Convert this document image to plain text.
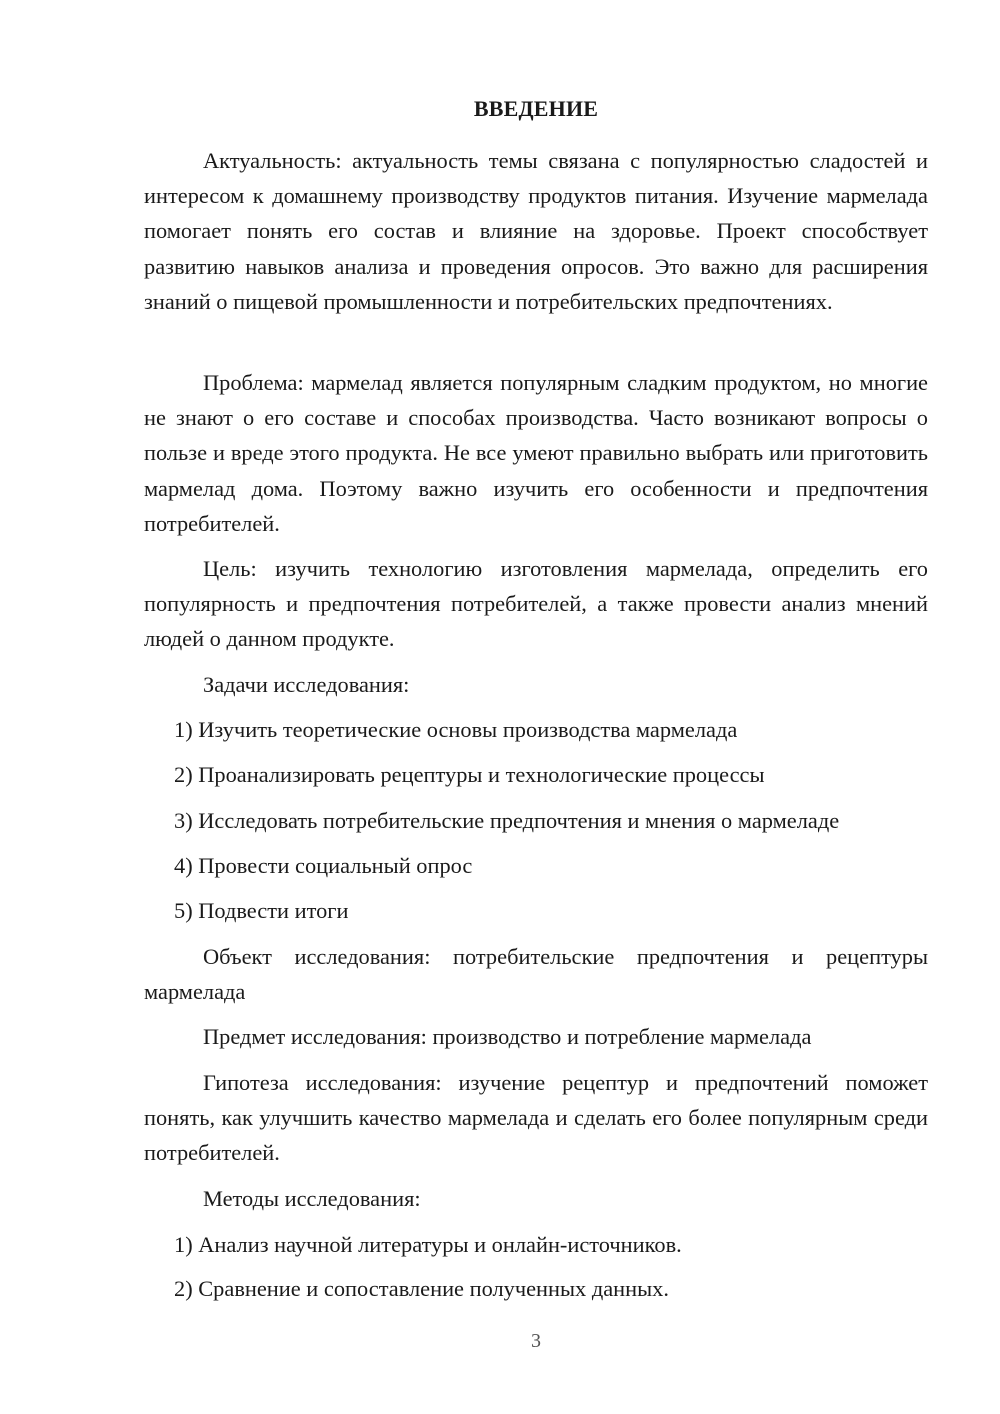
ВВЕДЕНИЕ

Актуальность: актуальность темы связана с популярностью сладостей и интересом к домашнему производству продуктов питания. Изучение мармелада помогает понять его состав и влияние на здоровье. Проект способствует развитию навыков анализа и проведения опросов. Это важно для расширения знаний о пищевой промышленности и потребительских предпочтениях.

Проблема: мармелад является популярным сладким продуктом, но многие не знают о его составе и способах производства. Часто возникают вопросы о пользе и вреде этого продукта. Не все умеют правильно выбрать или приготовить мармелад дома. Поэтому важно изучить его особенности и предпочтения потребителей.

Цель: изучить технологию изготовления мармелада, определить его популярность и предпочтения потребителей, а также провести анализ мнений людей о данном продукте.

Задачи исследования:
1) Изучить теоретические основы производства мармелада
2) Проанализировать рецептуры и технологические процессы
3) Исследовать потребительские предпочтения и мнения о мармеладе
4) Провести социальный опрос
5) Подвести итоги

Объект исследования: потребительские предпочтения и рецептуры мармелада

Предмет исследования: производство и потребление мармелада

Гипотеза исследования: изучение рецептур и предпочтений поможет понять, как улучшить качество мармелада и сделать его более популярным среди потребителей.

Методы исследования:
1) Анализ научной литературы и онлайн-источников.
2) Сравнение и сопоставление полученных данных.
3
